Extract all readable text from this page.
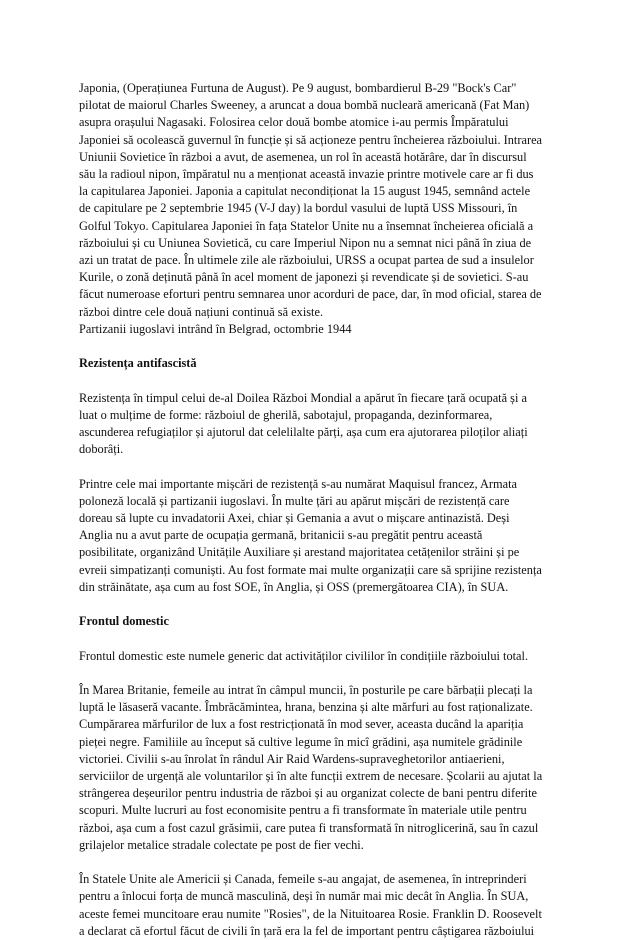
Japonia, (Operațiunea Furtuna de August). Pe 9 august, bombardierul B-29 "Bock's Car"
pilotat de maiorul Charles Sweeney, a aruncat a doua bombă nucleară americană (Fat Man)
asupra orașului Nagasaki. Folosirea celor două bombe atomice i-au permis Împăratului
Japoniei să ocolească guvernul în funcție și să acționeze pentru încheierea războiului. Intrarea
Uniunii Sovietice în război a avut, de asemenea, un rol în această hotărâre, dar în discursul
său la radioul nipon, împăratul nu a menționat această invazie printre motivele care ar fi dus
la capitularea Japoniei. Japonia a capitulat necondiționat la 15 august 1945, semnând actele
de capitulare pe 2 septembrie 1945 (V-J day) la bordul vasului de luptă USS Missouri, în
Golful Tokyo. Capitularea Japoniei în fața Statelor Unite nu a însemnat încheierea oficială a
războiului și cu Uniunea Sovietică, cu care Imperiul Nipon nu a semnat nici până în ziua de
azi un tratat de pace. În ultimele zile ale războiului, URSS a ocupat partea de sud a insulelor
Kurile, o zonă deținută până în acel moment de japonezi și revendicate și de sovietici. S-au
făcut numeroase eforturi pentru semnarea unor acorduri de pace, dar, în mod oficial, starea de
război dintre cele două națiuni continuă să existe.

Partizanii iugoslavi intrând în Belgrad, octombrie 1944

Rezistența antifascistă

Rezistența în timpul celui de-al Doilea Război Mondial a apărut în fiecare țară ocupată și a
luat o mulțime de forme: războiul de gherilă, sabotajul, propaganda, dezinformarea,
ascunderea refugiaților și ajutorul dat celelilalte părți, așa cum era ajutorarea piloților aliați
doborâți.

Printre cele mai importante mișcări de rezistență s-au numărat Maquisul francez, Armata
poloneză locală și partizanii iugoslavi. În multe țări au apărut mișcări de rezistență care
doreau să lupte cu invadatorii Axei, chiar și Gemania a avut o mișcare antinazistă. Deși
Anglia nu a avut parte de ocupația germană, britanicii s-au pregătit pentru această
posibilitate, organizând Unitățile Auxiliare și arestand majoritatea cetățenilor străini și pe
evreii simpatizanți comuniști. Au fost formate mai multe organizații care să sprijine rezistența
din străinătate, așa cum au fost SOE, în Anglia, și OSS (premergătoarea CIA), în SUA.

Frontul domestic

Frontul domestic este numele generic dat activităților civililor în condițiile războiului total.

În Marea Britanie, femeile au intrat în câmpul muncii, în posturile pe care bărbații plecați la
luptă le lăsaseră vacante. Îmbrăcămintea, hrana, benzina și alte mărfuri au fost raționalizate.
Cumpărarea mărfurilor de lux a fost restricționată în mod sever, aceasta ducând la apariția
pieței negre. Familiile au început să cultive legume în micî grădini, așa numitele grădinile
victoriei. Civilii s-au înrolat în rândul Air Raid Wardens-supraveghetorilor antiaerieni,
serviciilor de urgență ale voluntarilor și în alte funcții extrem de necesare. Școlarii au ajutat la
strângerea deșeurilor pentru industria de război și au organizat colecte de bani pentru diferite
scopuri. Multe lucruri au fost economisite pentru a fi transformate în materiale utile pentru
război, așa cum a fost cazul grăsimii, care putea fi transformată în nitroglicerină, sau în cazul
grilajelor metalice stradale colectate pe post de fier vechi.

În Statele Unite ale Americii și Canada, femeile s-au angajat, de asemenea, în intreprinderi
pentru a înlocui forța de muncă masculină, deși în număr mai mic decât în Anglia. În SUA,
aceste femei muncitoare erau numite "Rosies", de la Nituitoarea Rosie. Franklin D. Roosevelt
a declarat că efortul făcut de civili în țară era la fel de important pentru câștigarea războiului
